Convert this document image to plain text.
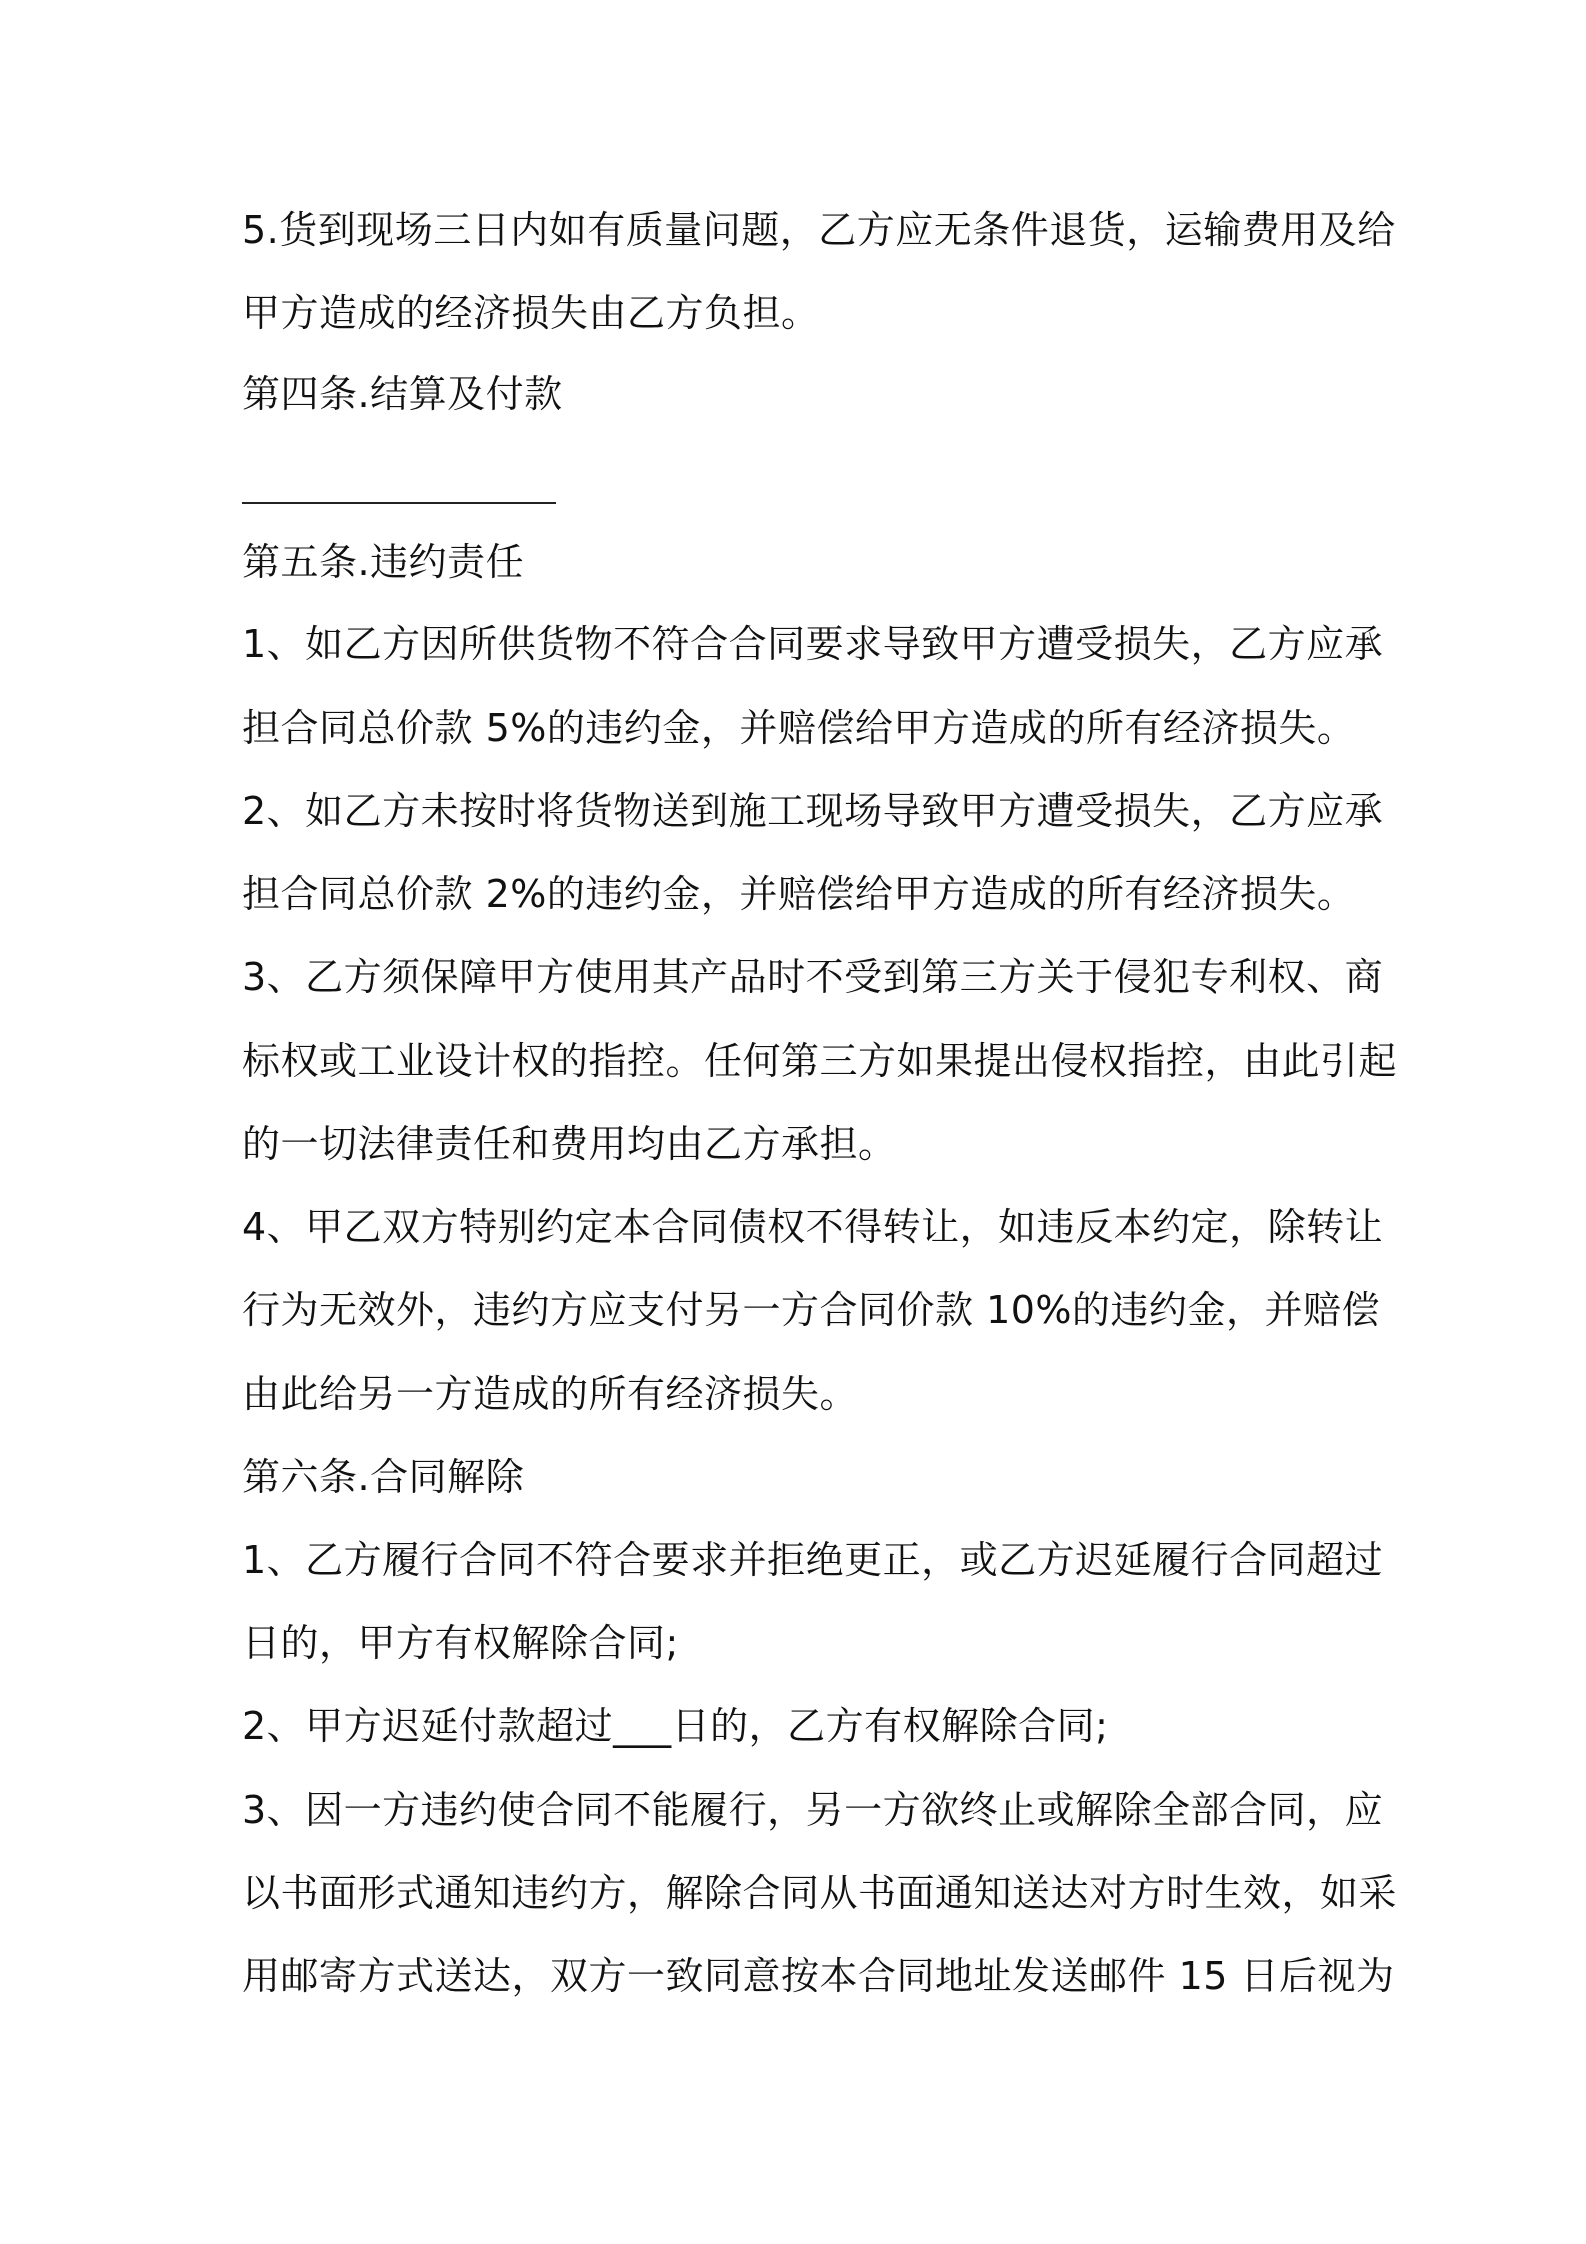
5.货到现场三日内如有质量问题，乙方应无条件退货，运输费用及给
甲方造成的经济损失由乙方负担。
第四条.结算及付款
第五条.违约责任
1、如乙方因所供货物不符合合同要求导致甲方遭受损失，乙方应承
担合同总价款 5%的违约金，并赔偿给甲方造成的所有经济损失。
2、如乙方未按时将货物送到施工现场导致甲方遭受损失，乙方应承
担合同总价款 2%的违约金，并赔偿给甲方造成的所有经济损失。
3、乙方须保障甲方使用其产品时不受到第三方关于侵犯专利权、商
标权或工业设计权的指控。任何第三方如果提出侵权指控，由此引起
的一切法律责任和费用均由乙方承担。
4、甲乙双方特别约定本合同债权不得转让，如违反本约定，除转让
行为无效外，违约方应支付另一方合同价款 10%的违约金，并赔偿
由此给另一方造成的所有经济损失。
第六条.合同解除
1、乙方履行合同不符合要求并拒绝更正，或乙方迟延履行合同超过
日的，甲方有权解除合同;
2、甲方迟延付款超过___日的，乙方有权解除合同;
3、因一方违约使合同不能履行，另一方欲终止或解除全部合同，应
以书面形式通知违约方，解除合同从书面通知送达对方时生效，如采
用邮寄方式送达，双方一致同意按本合同地址发送邮件 15 日后视为
